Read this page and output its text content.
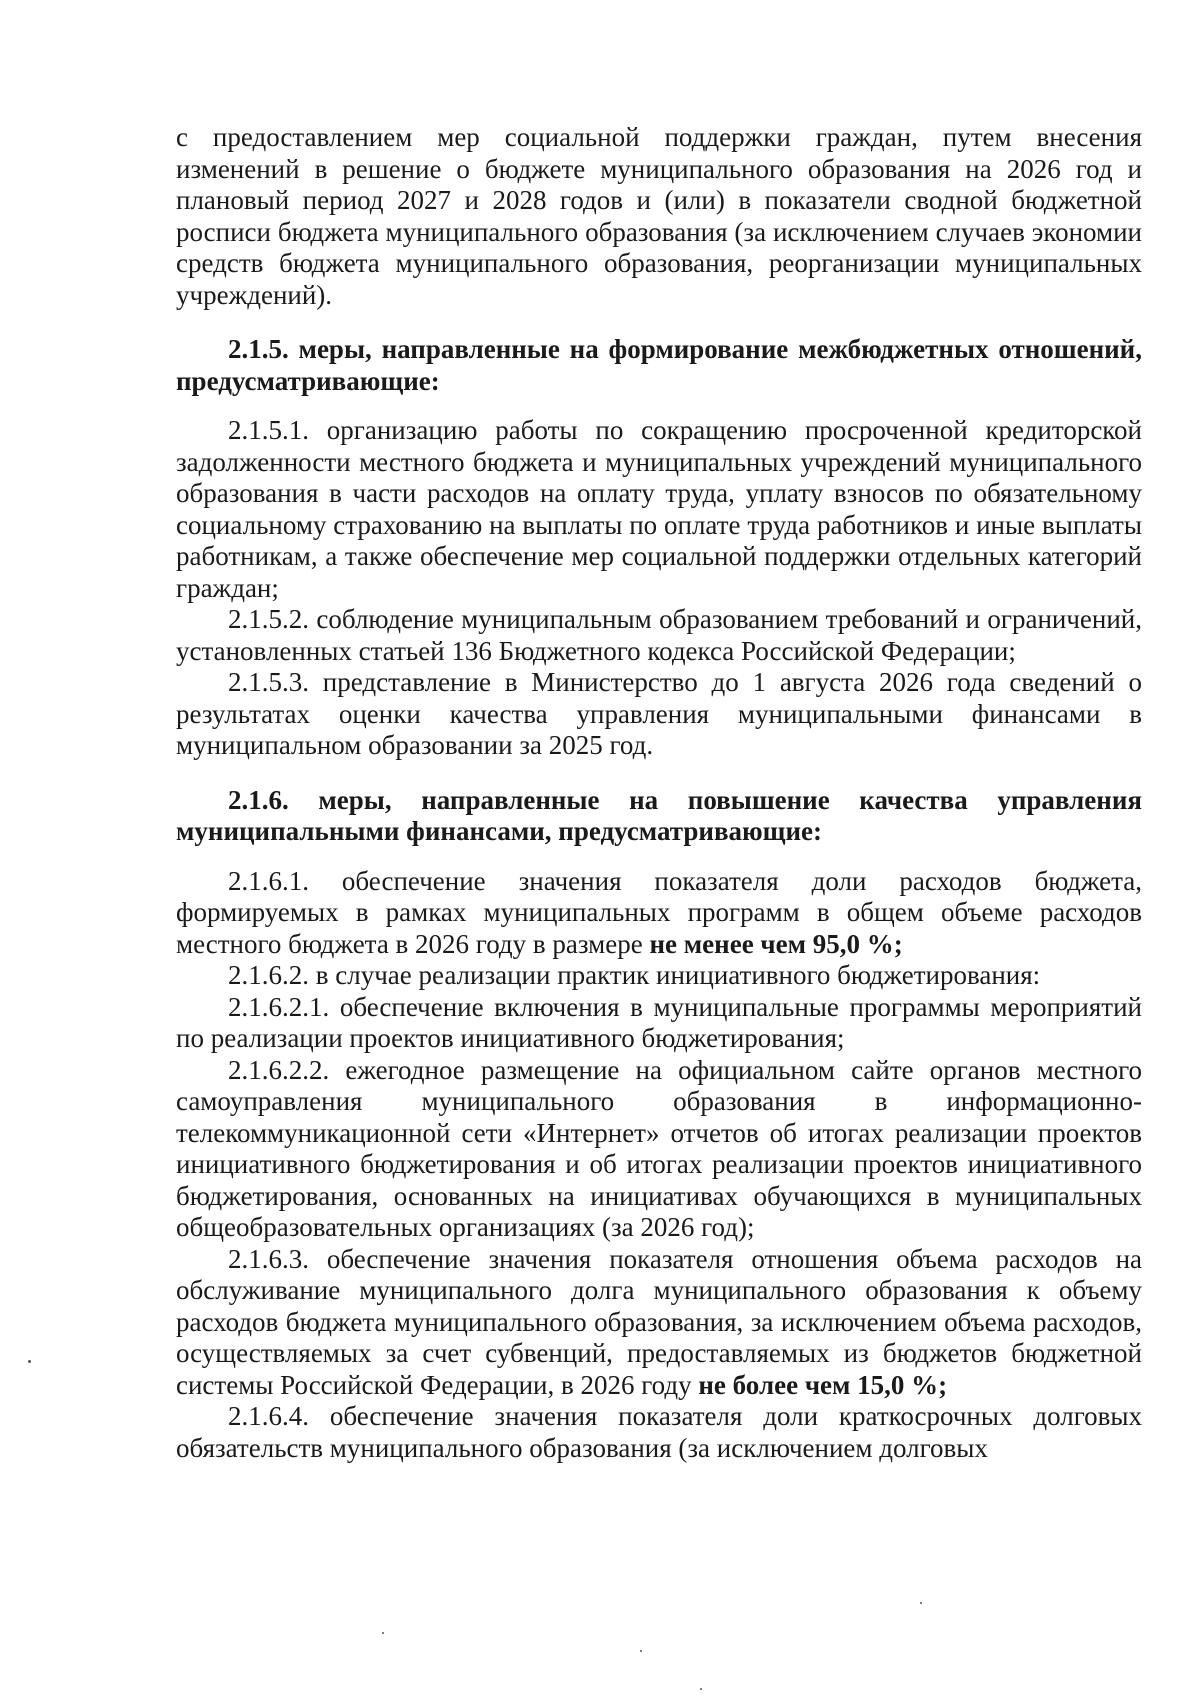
с предоставлением мер социальной поддержки граждан, путем внесения изменений в решение о бюджете муниципального образования на 2026 год и плановый период 2027 и 2028 годов и (или) в показатели сводной бюджетной росписи бюджета муниципального образования (за исключением случаев экономии средств бюджета муниципального образования, реорганизации муниципальных учреждений).

2.1.5. меры, направленные на формирование межбюджетных отношений, предусматривающие:

2.1.5.1. организацию работы по сокращению просроченной кредиторской задолженности местного бюджета и муниципальных учреждений муниципального образования в части расходов на оплату труда, уплату взносов по обязательному социальному страхованию на выплаты по оплате труда работников и иные выплаты работникам, а также обеспечение мер социальной поддержки отдельных категорий граждан;

2.1.5.2. соблюдение муниципальным образованием требований и ограничений, установленных статьей 136 Бюджетного кодекса Российской Федерации;

2.1.5.3. представление в Министерство до 1 августа 2026 года сведений о результатах оценки качества управления муниципальными финансами в муниципальном образовании за 2025 год.

2.1.6. меры, направленные на повышение качества управления муниципальными финансами, предусматривающие:

2.1.6.1. обеспечение значения показателя доли расходов бюджета, формируемых в рамках муниципальных программ в общем объеме расходов местного бюджета в 2026 году в размере не менее чем 95,0 %;

2.1.6.2. в случае реализации практик инициативного бюджетирования:

2.1.6.2.1. обеспечение включения в муниципальные программы мероприятий по реализации проектов инициативного бюджетирования;

2.1.6.2.2. ежегодное размещение на официальном сайте органов местного самоуправления муниципального образования в информационно-телекоммуникационной сети «Интернет» отчетов об итогах реализации проектов инициативного бюджетирования и об итогах реализации проектов инициативного бюджетирования, основанных на инициативах обучающихся в муниципальных общеобразовательных организациях (за 2026 год);

2.1.6.3. обеспечение значения показателя отношения объема расходов на обслуживание муниципального долга муниципального образования к объему расходов бюджета муниципального образования, за исключением объема расходов, осуществляемых за счет субвенций, предоставляемых из бюджетов бюджетной системы Российской Федерации, в 2026 году не более чем 15,0 %;

2.1.6.4. обеспечение значения показателя доли краткосрочных долговых обязательств муниципального образования (за исключением долговых
